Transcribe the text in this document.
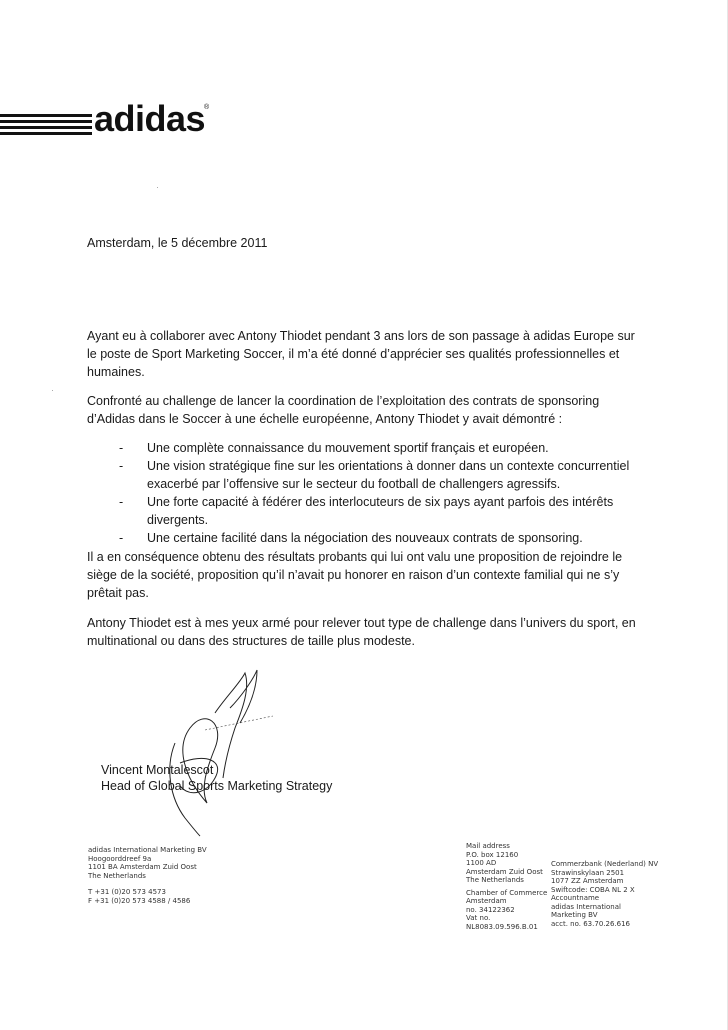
adidas
®
Amsterdam, le 5 décembre 2011
Ayant eu à collaborer avec Antony Thiodet pendant 3 ans lors de son passage à adidas Europe sur le poste de Sport Marketing Soccer, il m’a été donné d’apprécier ses qualités professionnelles et humaines.
Confronté au challenge de lancer la coordination de l’exploitation des contrats de sponsoring d’Adidas dans le Soccer à une échelle européenne, Antony Thiodet y avait démontré :
- Une complète connaissance du mouvement sportif français et européen.
- Une vision stratégique fine sur les orientations à donner dans un contexte concurrentiel exacerbé par l’offensive sur le secteur du football de challengers agressifs.
- Une forte capacité à fédérer des interlocuteurs de six pays ayant parfois des intérêts divergents.
- Une certaine facilité dans la négociation des nouveaux contrats de sponsoring.
Il a en conséquence obtenu des résultats probants qui lui ont valu une proposition de rejoindre le siège de la société, proposition qu’il n’avait pu honorer en raison d’un contexte familial qui ne s’y prêtait pas.
Antony Thiodet est à mes yeux armé pour relever tout type de challenge dans l’univers du sport, en multinational ou dans des structures de taille plus modeste.
Vincent Montalescot
Head of Global Sports Marketing Strategy
adidas International Marketing BV
Hoogoorddreef 9a
1101 BA Amsterdam Zuid Oost
The Netherlands
T +31 (0)20 573 4573
F +31 (0)20 573 4588 / 4586
Mail address
P.O. box 12160
1100 AD
Amsterdam Zuid Oost
The Netherlands
Chamber of Commerce
Amsterdam
no. 34122362
Vat no.
NL8083.09.596.B.01
Commerzbank (Nederland) NV
Strawinskylaan 2501
1077 ZZ Amsterdam
Swiftcode: COBA NL 2 X
Accountname
adidas International
Marketing BV
acct. no. 63.70.26.616
